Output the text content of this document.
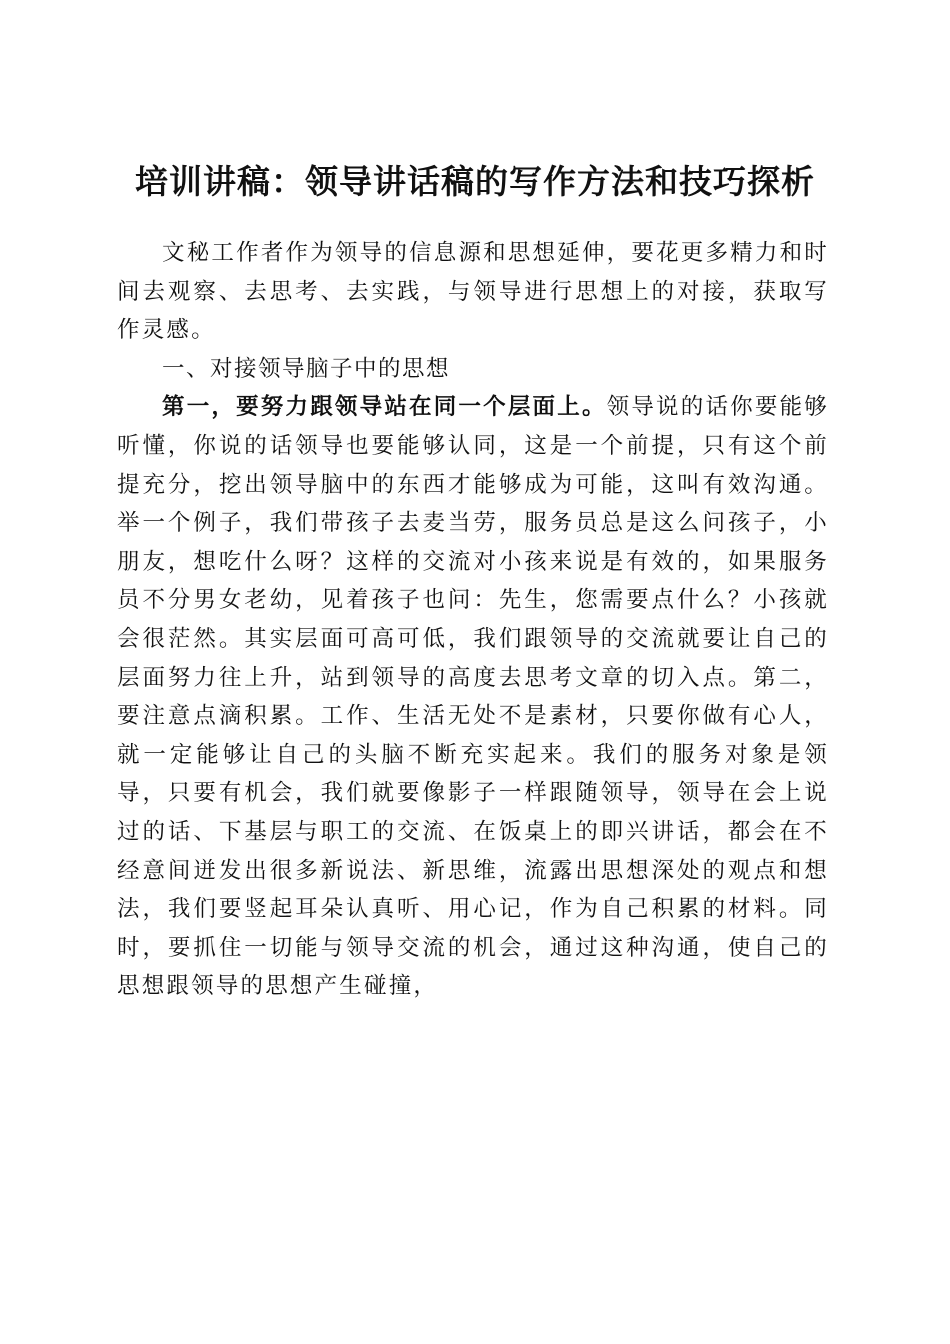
培训讲稿：领导讲话稿的写作方法和技巧探析

文秘工作者作为领导的信息源和思想延伸，要花更多精力和时间去观察、去思考、去实践，与领导进行思想上的对接，获取写作灵感。

一、对接领导脑子中的思想

第一，要努力跟领导站在同一个层面上。领导说的话你要能够听懂，你说的话领导也要能够认同，这是一个前提，只有这个前提充分，挖出领导脑中的东西才能够成为可能，这叫有效沟通。举一个例子，我们带孩子去麦当劳，服务员总是这么问孩子，小朋友，想吃什么呀？这样的交流对小孩来说是有效的，如果服务员不分男女老幼，见着孩子也问：先生，您需要点什么？小孩就会很茫然。其实层面可高可低，我们跟领导的交流就要让自己的层面努力往上升，站到领导的高度去思考文章的切入点。第二，要注意点滴积累。工作、生活无处不是素材，只要你做有心人，就一定能够让自己的头脑不断充实起来。我们的服务对象是领导，只要有机会，我们就要像影子一样跟随领导，领导在会上说过的话、下基层与职工的交流、在饭桌上的即兴讲话，都会在不经意间迸发出很多新说法、新思维，流露出思想深处的观点和想法，我们要竖起耳朵认真听、用心记，作为自己积累的材料。同时，要抓住一切能与领导交流的机会，通过这种沟通，使自己的思想跟领导的思想产生碰撞，
